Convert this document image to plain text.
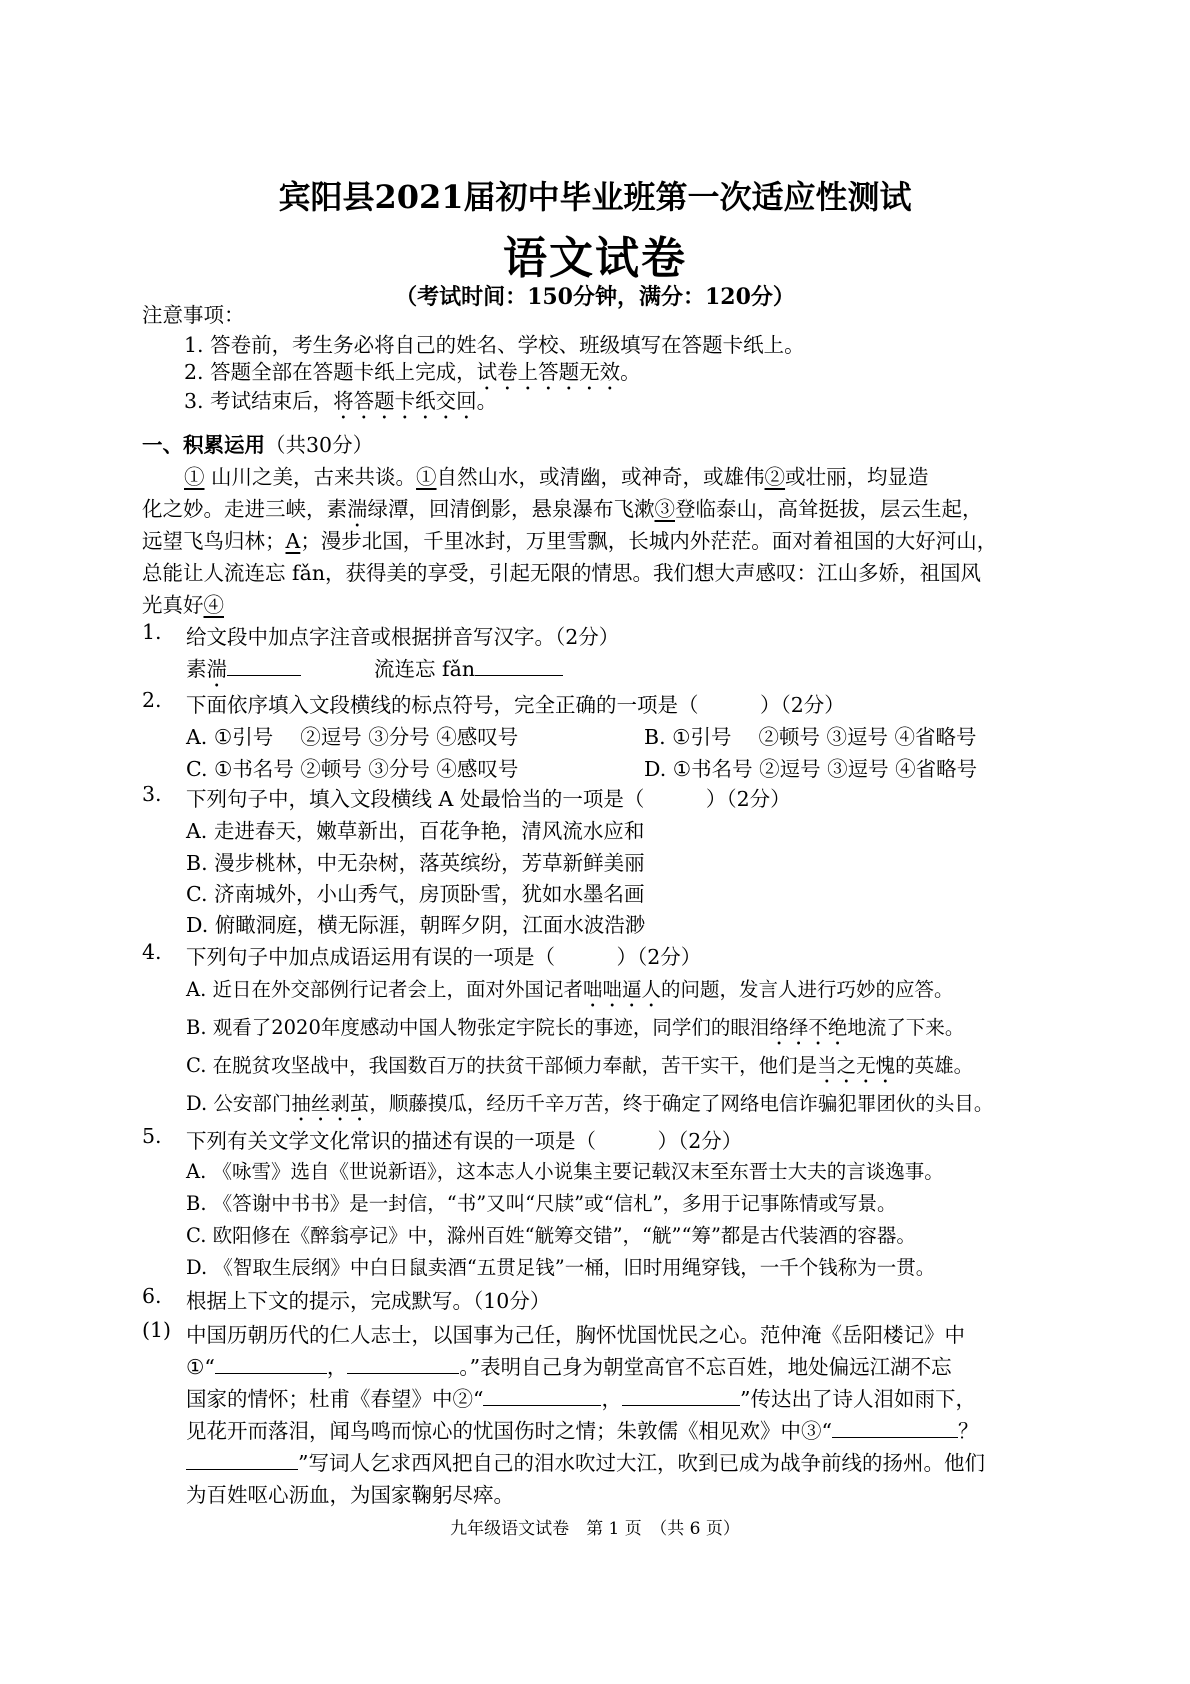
宾阳县2021届初中毕业班第一次适应性测试
语文试卷
（考试时间：150分钟，满分：120分）
注意事项：
1. 答卷前，考生务必将自己的姓名、学校、班级填写在答题卡纸上。
2. 答题全部在答题卡纸上完成，试卷上答题无效。
3. 考试结束后，将答题卡纸交回。
一、积累运用（共30分）
① 山川之美，古来共谈。①自然山水，或清幽，或神奇，或雄伟②或壮丽，均显造
化之妙。走进三峡，素湍绿潭，回清倒影，悬泉瀑布飞漱③登临泰山，高耸挺拔，层云生起，
远望飞鸟归林；A；漫步北国，千里冰封，万里雪飘，长城内外茫茫。面对着祖国的大好河山，
总能让人流连忘 fǎn，获得美的享受，引起无限的情思。我们想大声感叹：江山多娇，祖国风
光真好④
1. 给文段中加点字注音或根据拼音写汉字。（2分）
素湍	流连忘 fǎn
2. 下面依序填入文段横线的标点符号，完全正确的一项是（　　　）（2分）
A. ①引号　 ②逗号 ③分号 ④感叹号	B. ①引号　 ②顿号 ③逗号 ④省略号
C. ①书名号 ②顿号 ③分号 ④感叹号	D. ①书名号 ②逗号 ③逗号 ④省略号
3. 下列句子中，填入文段横线 A 处最恰当的一项是（　　　）（2分）
A. 走进春天，嫩草新出，百花争艳，清风流水应和
B. 漫步桃林，中无杂树，落英缤纷，芳草新鲜美丽
C. 济南城外，小山秀气，房顶卧雪，犹如水墨名画
D. 俯瞰洞庭，横无际涯，朝晖夕阴，江面水波浩渺
4. 下列句子中加点成语运用有误的一项是（　　　）（2分）
A. 近日在外交部例行记者会上，面对外国记者咄咄逼人的问题，发言人进行巧妙的应答。
B. 观看了2020年度感动中国人物张定宇院长的事迹，同学们的眼泪络绎不绝地流了下来。
C. 在脱贫攻坚战中，我国数百万的扶贫干部倾力奉献，苦干实干，他们是当之无愧的英雄。
D. 公安部门抽丝剥茧，顺藤摸瓜，经历千辛万苦，终于确定了网络电信诈骗犯罪团伙的头目。
5. 下列有关文学文化常识的描述有误的一项是（　　　）（2分）
A. 《咏雪》选自《世说新语》，这本志人小说集主要记载汉末至东晋士大夫的言谈逸事。
B. 《答谢中书书》是一封信，“书”又叫“尺牍”或“信札”，多用于记事陈情或写景。
C. 欧阳修在《醉翁亭记》中，滁州百姓“觥筹交错”，“觥”“筹”都是古代装酒的容器。
D. 《智取生辰纲》中白日鼠卖酒“五贯足钱”一桶，旧时用绳穿钱，一千个钱称为一贯。
6. 根据上下文的提示，完成默写。（10分）
(1) 中国历朝历代的仁人志士，以国事为己任，胸怀忧国忧民之心。范仲淹《岳阳楼记》中
①“	，	。”表明自己身为朝堂高官不忘百姓，地处偏远江湖不忘
国家的情怀；杜甫《春望》中②“	，	”传达出了诗人泪如雨下，
见花开而落泪，闻鸟鸣而惊心的忧国伤时之情；朱敦儒《相见欢》中③“	？
”写词人乞求西风把自己的泪水吹过大江，吹到已成为战争前线的扬州。他们
为百姓呕心沥血，为国家鞠躬尽瘁。
九年级语文试卷　第 1 页　（共 6 页）
